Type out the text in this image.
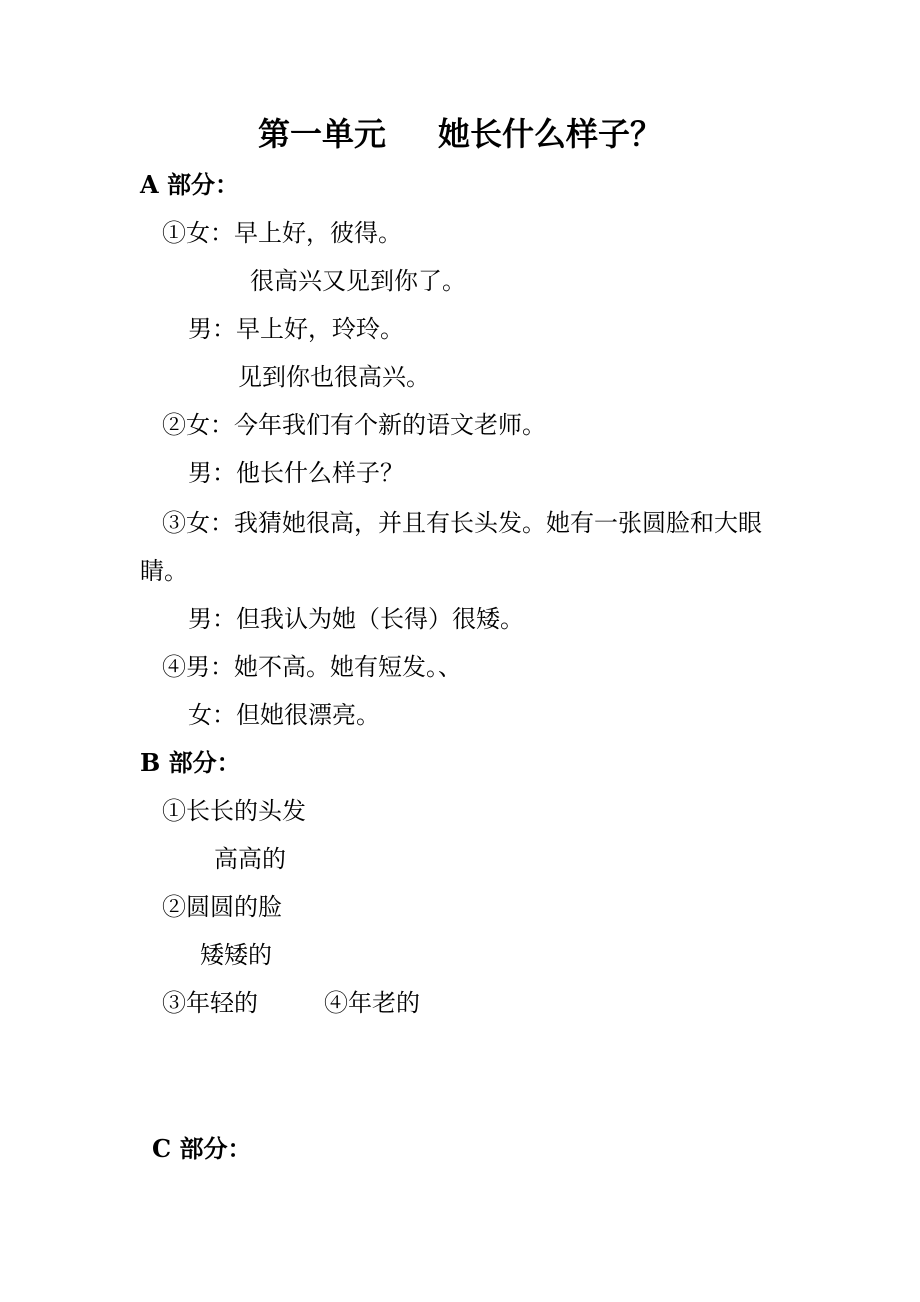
第一单元 她长什么样子？
A 部分：
①女：早上好，彼得。
很高兴又见到你了。
男：早上好，玲玲。
见到你也很高兴。
②女：今年我们有个新的语文老师。
男：他长什么样子？
③女：我猜她很高，并且有长头发。她有一张圆脸和大眼
睛。
男：但我认为她（长得）很矮。
④男：她不高。她有短发。、
女：但她很漂亮。
B 部分：
①长长的头发
高高的
②圆圆的脸
矮矮的
③年轻的	④年老的
C 部分：
